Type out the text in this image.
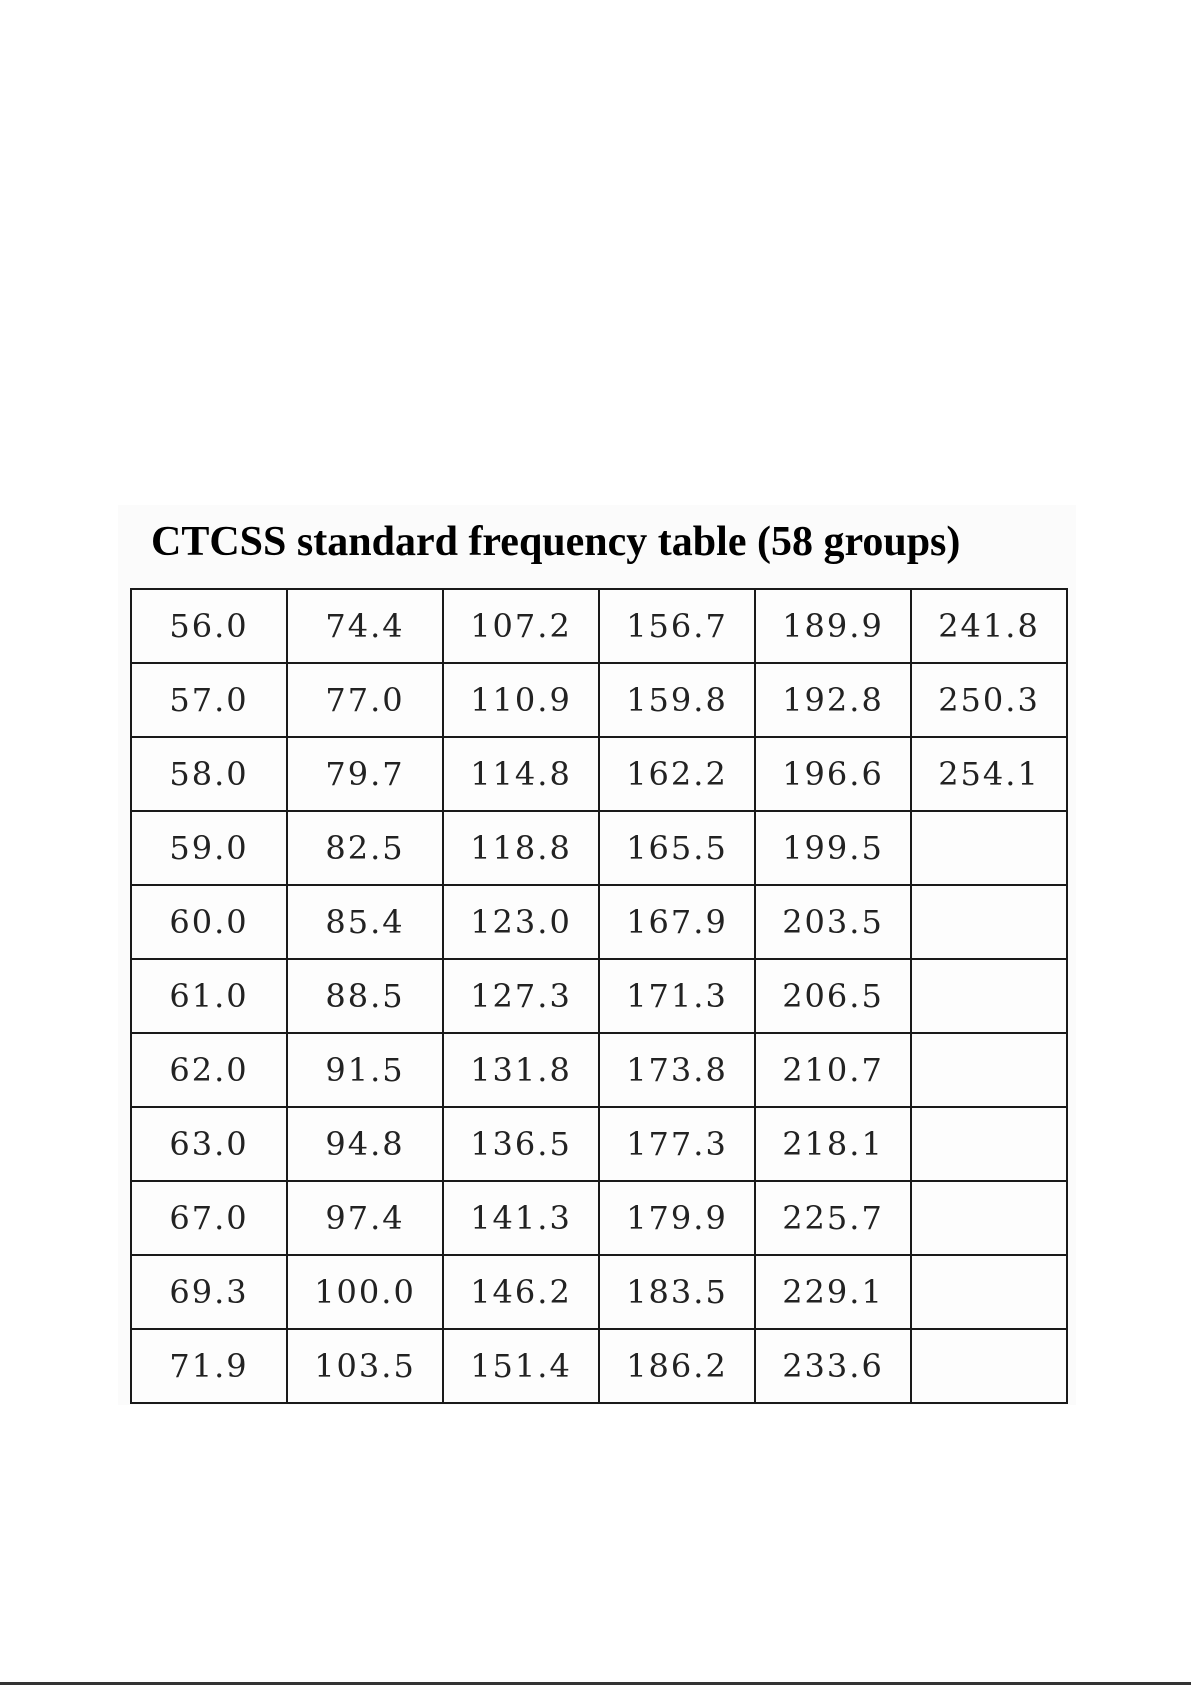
CTCSS standard frequency table (58 groups)
56.0	74.4	107.2	156.7	189.9	241.8
57.0	77.0	110.9	159.8	192.8	250.3
58.0	79.7	114.8	162.2	196.6	254.1
59.0	82.5	118.8	165.5	199.5	
60.0	85.4	123.0	167.9	203.5	
61.0	88.5	127.3	171.3	206.5	
62.0	91.5	131.8	173.8	210.7	
63.0	94.8	136.5	177.3	218.1	
67.0	97.4	141.3	179.9	225.7	
69.3	100.0	146.2	183.5	229.1	
71.9	103.5	151.4	186.2	233.6	
